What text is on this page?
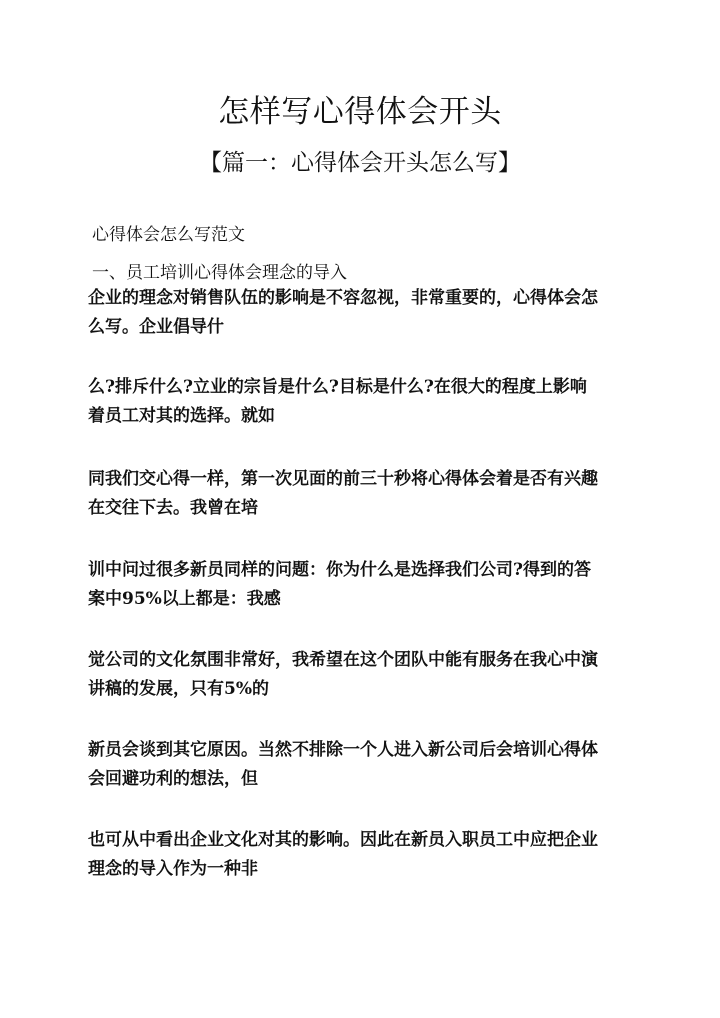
怎样写心得体会开头
【篇一：心得体会开头怎么写】

心得体会怎么写范文

一、员工培训心得体会理念的导入

企业的理念对销售队伍的影响是不容忽视，非常重要的，心得体会怎
么写。企业倡导什

么?排斥什么?立业的宗旨是什么?目标是什么?在很大的程度上影响
着员工对其的选择。就如

同我们交心得一样，第一次见面的前三十秒将心得体会着是否有兴趣
在交往下去。我曾在培

训中问过很多新员同样的问题：你为什么是选择我们公司?得到的答
案中95%以上都是：我感

觉公司的文化氛围非常好，我希望在这个团队中能有服务在我心中演
讲稿的发展，只有5%的

新员会谈到其它原因。当然不排除一个人进入新公司后会培训心得体
会回避功利的想法，但

也可从中看出企业文化对其的影响。因此在新员入职员工中应把企业
理念的导入作为一种非
